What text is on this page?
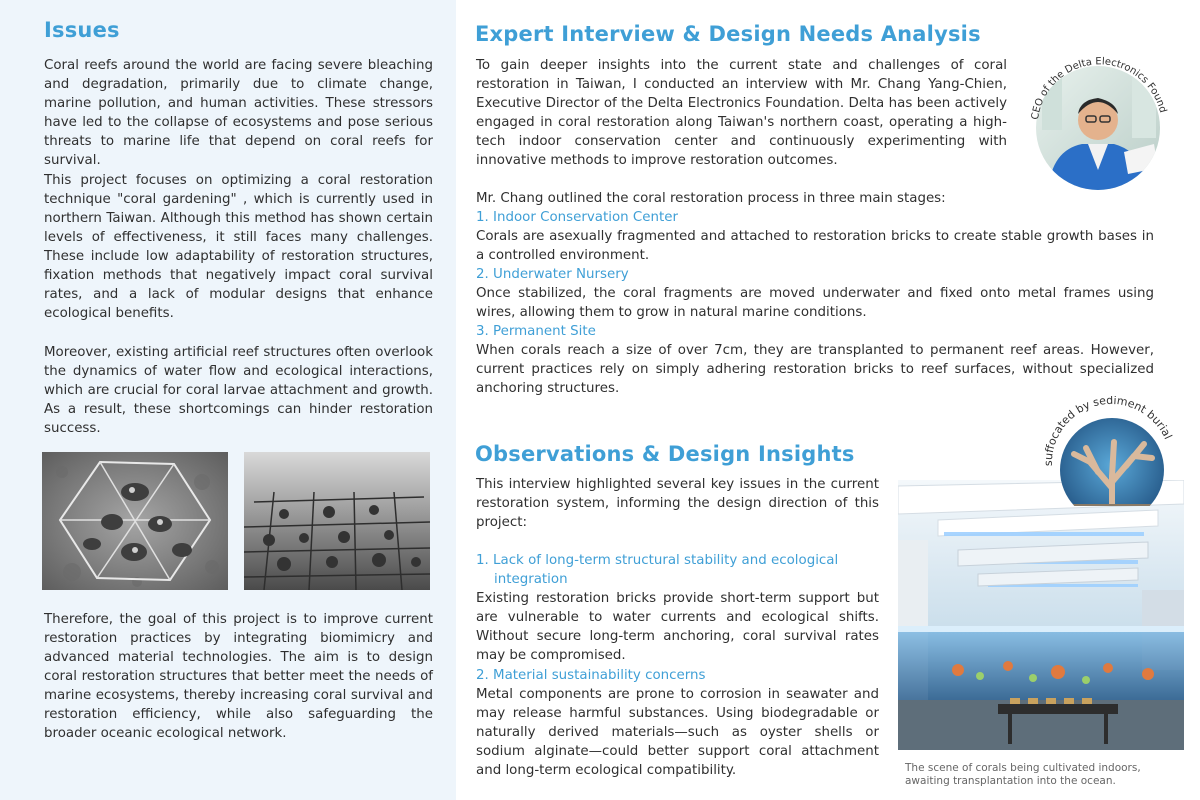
Issues

Coral reefs around the world are facing severe bleaching and degradation, primarily due to climate change, marine pollution, and human activities. These stressors have led to the collapse of ecosystems and pose serious threats to marine life that depend on coral reefs for survival.

This project focuses on optimizing a coral restoration technique "coral gardening" , which is currently used in northern Taiwan. Although this method has shown certain levels of effectiveness, it still faces many challenges. These include low adaptability of restoration structures, fixation methods that negatively impact coral survival rates, and a lack of modular designs that enhance ecological benefits.

Moreover, existing artificial reef structures often overlook the dynamics of water flow and ecological interactions, which are crucial for coral larvae attachment and growth. As a result, these shortcomings can hinder restoration success.

Therefore, the goal of this project is to improve current restoration practices by integrating biomimicry and advanced material technologies. The aim is to design coral restoration structures that better meet the needs of marine ecosystems, thereby increasing coral survival and restoration efficiency, while also safeguarding the broader oceanic ecological network.

Expert Interview & Design Needs Analysis

To gain deeper insights into the current state and challenges of coral restoration in Taiwan, I conducted an interview with Mr. Chang Yang-Chien, Executive Director of the Delta Electronics Foundation. Delta has been actively engaged in coral restoration along Taiwan's northern coast, operating a high-tech indoor conservation center and continuously experimenting with innovative methods to improve restoration outcomes.

CEO of the Delta Electronics Found

Mr. Chang outlined the coral restoration process in three main stages:

1. Indoor Conservation Center

Corals are asexually fragmented and attached to restoration bricks to create stable growth bases in a controlled environment.

2. Underwater Nursery

Once stabilized, the coral fragments are moved underwater and fixed onto metal frames using wires, allowing them to grow in natural marine conditions.

3. Permanent Site

When corals reach a size of over 7cm, they are transplanted to permanent reef areas. However, current practices rely on simply adhering restoration bricks to reef surfaces, without specialized anchoring structures.

Observations & Design Insights

This interview highlighted several key issues in the current restoration system, informing the design direction of this project:

1. Lack of long-term structural stability and ecological
integration

Existing restoration bricks provide short-term support but are vulnerable to water currents and ecological shifts. Without secure long-term anchoring, coral survival rates may be compromised.

2. Material sustainability concerns

Metal components are prone to corrosion in seawater and may release harmful substances. Using biodegradable or naturally derived materials—such as oyster shells or sodium alginate—could better support coral attachment and long-term ecological compatibility.

suffocated by sediment burial

The scene of corals being cultivated indoors, awaiting transplantation into the ocean.
